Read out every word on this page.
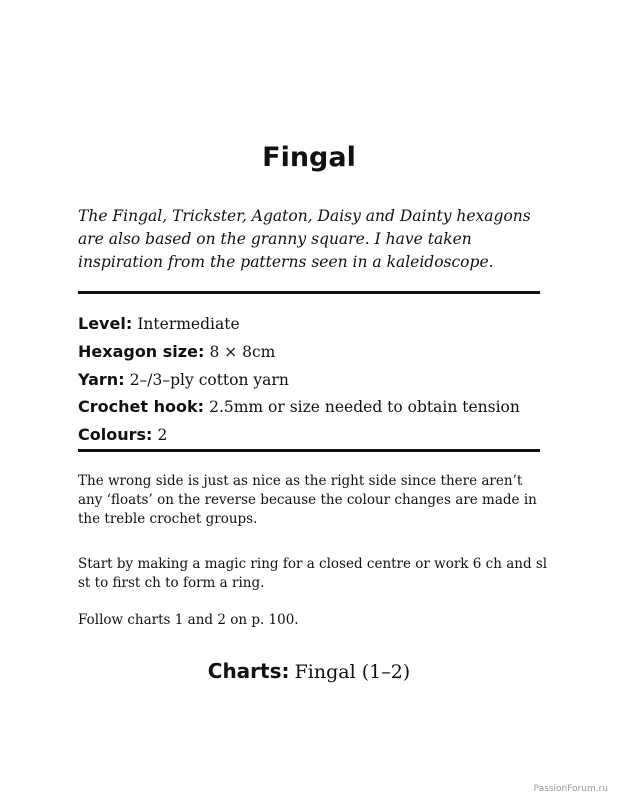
Fingal

The Fingal, Trickster, Agaton, Daisy and Dainty hexagons are also based on the granny square. I have taken inspiration from the patterns seen in a kaleidoscope.

Level: Intermediate
Hexagon size: 8 × 8cm
Yarn: 2–/3–ply cotton yarn
Crochet hook: 2.5mm or size needed to obtain tension
Colours: 2

The wrong side is just as nice as the right side since there aren’t any ‘floats’ on the reverse because the colour changes are made in the treble crochet groups.

Start by making a magic ring for a closed centre or work 6 ch and sl st to first ch to form a ring.

Follow charts 1 and 2 on p. 100.

Charts: Fingal (1–2)
PassionForum.ru
